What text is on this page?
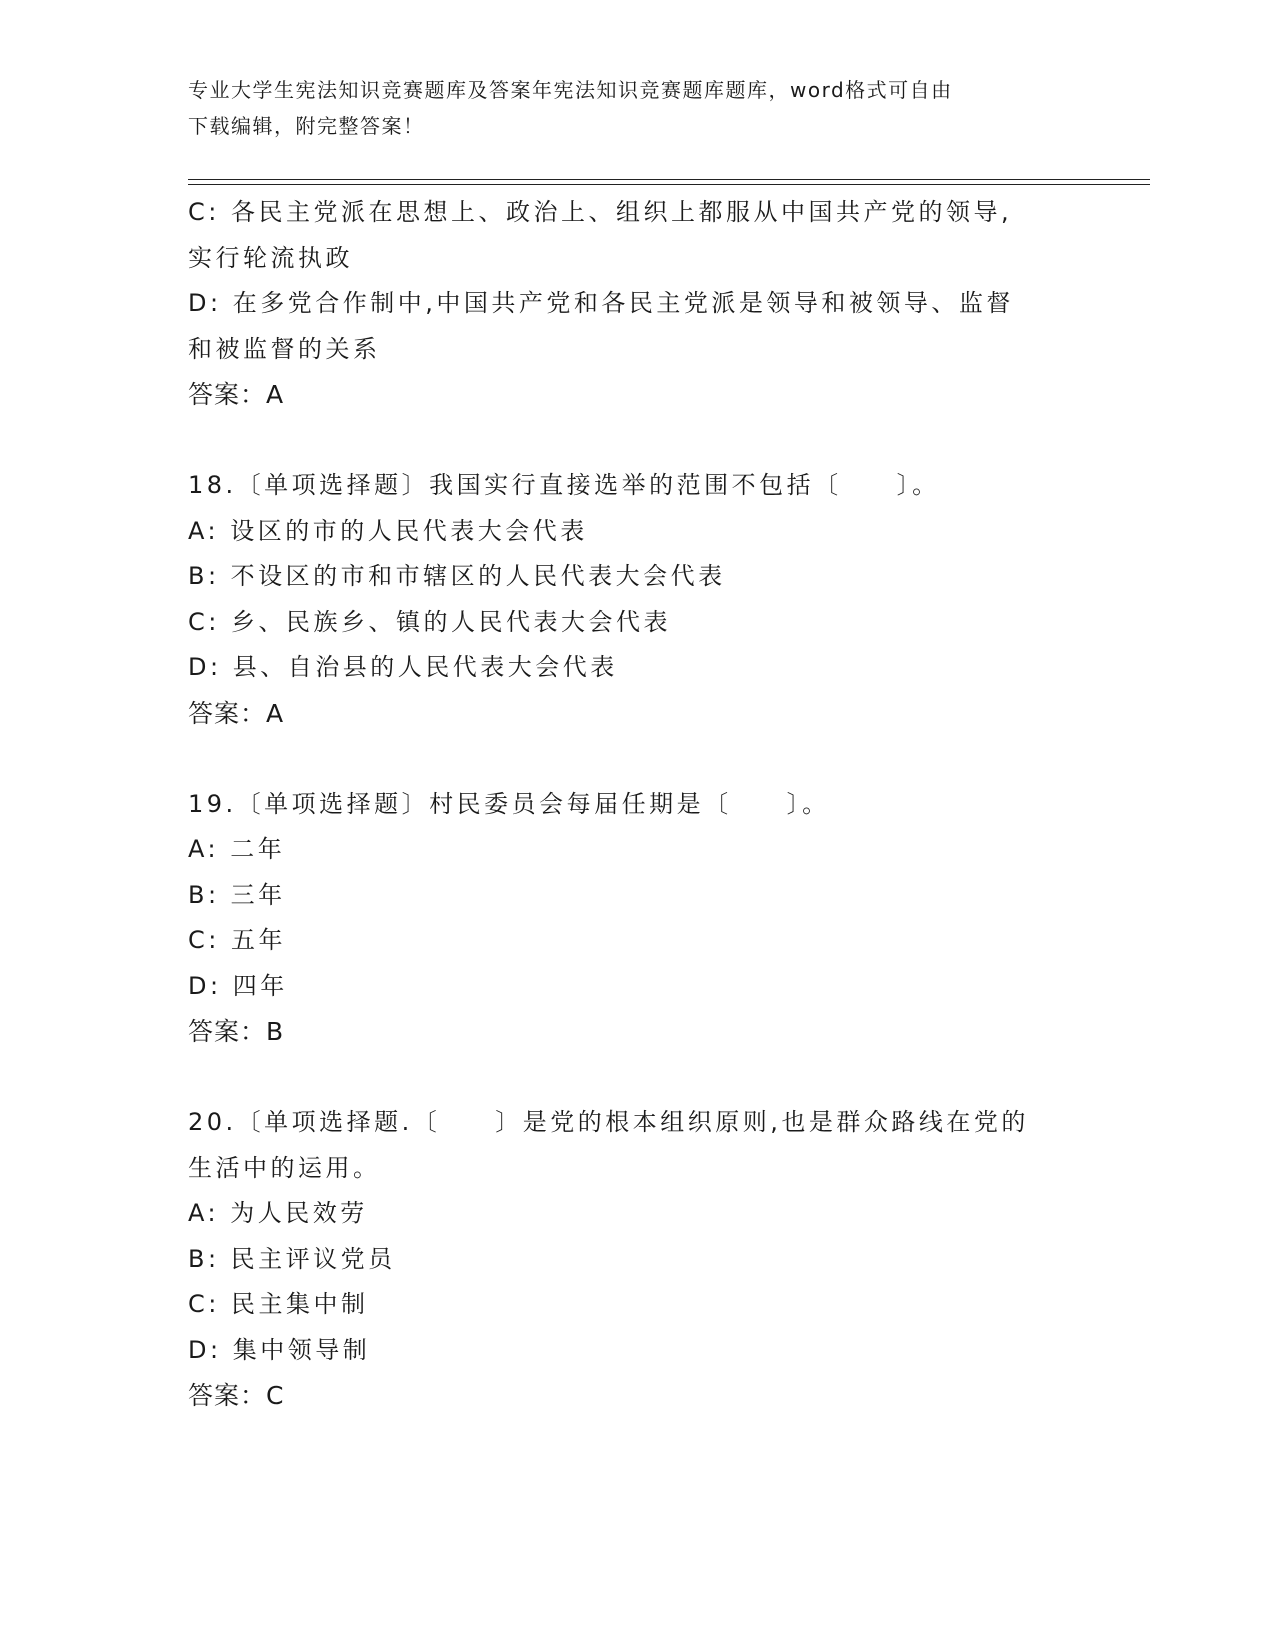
专业大学生宪法知识竞赛题库及答案年宪法知识竞赛题库题库，word格式可自由
下载编辑，附完整答案！
C: 各民主党派在思想上、政治上、组织上都服从中国共产党的领导,
实行轮流执政
D: 在多党合作制中,中国共产党和各民主党派是领导和被领导、监督
和被监督的关系
答案：A
18.〔单项选择题〕我国实行直接选举的范围不包括〔　　〕。
A: 设区的市的人民代表大会代表
B: 不设区的市和市辖区的人民代表大会代表
C: 乡、民族乡、镇的人民代表大会代表
D: 县、自治县的人民代表大会代表
答案：A
19.〔单项选择题〕村民委员会每届任期是〔　　〕。
A: 二年
B: 三年
C: 五年
D: 四年
答案：B
20.〔单项选择题.〔　　〕是党的根本组织原则,也是群众路线在党的
生活中的运用。
A: 为人民效劳
B: 民主评议党员
C: 民主集中制
D: 集中领导制
答案：C
